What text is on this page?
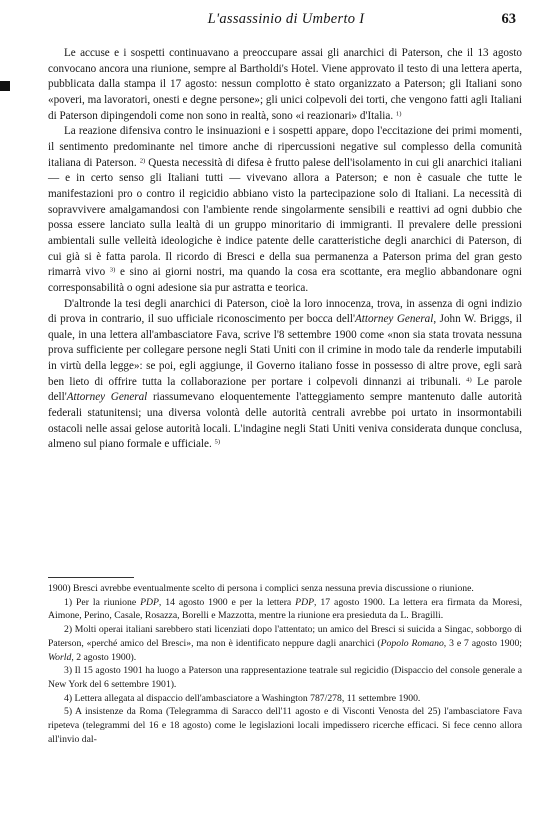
L'assassinio di Umberto I	63

Le accuse e i sospetti continuavano a preoccupare assai gli anarchici di Paterson, che il 13 agosto convocano ancora una riunione, sempre al Bartholdi's Hotel. Viene approvato il testo di una lettera aperta, pubblicata dalla stampa il 17 agosto: nessun complotto è stato organizzato a Paterson; gli Italiani sono «poveri, ma lavoratori, onesti e degne persone»; gli unici colpevoli dei torti, che vengono fatti agli Italiani di Paterson dipingendoli come non sono in realtà, sono «i reazionari» d'Italia. $^{1)}$

La reazione difensiva contro le insinuazioni e i sospetti appare, dopo l'eccitazione dei primi momenti, il sentimento predominante nel timore anche di ripercussioni negative sul complesso della comunità italiana di Paterson. $^{2)}$ Questa necessità di difesa è frutto palese dell'isolamento in cui gli anarchici italiani — e in certo senso gli Italiani tutti — vivevano allora a Paterson; e non è casuale che tutte le manifestazioni pro o contro il regicidio abbiano visto la partecipazione solo di Italiani. La necessità di sopravvivere amalgamandosi con l'ambiente rende singolarmente sensibili e reattivi ad ogni dubbio che possa essere lanciato sulla lealtà di un gruppo minoritario di immigranti. Il prevalere delle pressioni ambientali sulle velleità ideologiche è indice patente delle caratteristiche degli anarchici di Paterson, di cui già si è fatta parola. Il ricordo di Bresci e della sua permanenza a Paterson prima del gran gesto rimarrà vivo $^{3)}$ e sino ai giorni nostri, ma quando la cosa era scottante, era meglio abbandonare ogni corresponsabilità o ogni adesione sia pur astratta e teorica.

D'altronde la tesi degli anarchici di Paterson, cioè la loro innocenza, trova, in assenza di ogni indizio di prova in contrario, il suo ufficiale riconoscimento per bocca dell'Attorney General, John W. Briggs, il quale, in una lettera all'ambasciatore Fava, scrive l'8 settembre 1900 come «non sia stata trovata nessuna prova sufficiente per collegare persone negli Stati Uniti con il crimine in modo tale da renderle imputabili in virtù della legge»: se poi, egli aggiunge, il Governo italiano fosse in possesso di altre prove, egli sarà ben lieto di offrire tutta la collaborazione per portare i colpevoli dinnanzi ai tribunali. $^{4)}$ Le parole dell'Attorney General riassumevano eloquentemente l'atteggiamento sempre mantenuto dalle autorità federali statunitensi; una diversa volontà delle autorità centrali avrebbe poi urtato in insormontabili ostacoli nelle assai gelose autorità locali. L'indagine negli Stati Uniti veniva considerata dunque conclusa, almeno sul piano formale e ufficiale. $^{5)}$

1900) Bresci avrebbe eventualmente scelto di persona i complici senza nessuna previa discussione o riunione.

1) Per la riunione PDP, 14 agosto 1900 e per la lettera PDP, 17 agosto 1900. La lettera era firmata da Moresi, Aimone, Perino, Casale, Rosazza, Borelli e Mazzotta, mentre la riunione era presieduta da L. Bragilli.

2) Molti operai italiani sarebbero stati licenziati dopo l'attentato; un amico del Bresci si suicida a Singac, sobborgo di Paterson, «perché amico del Bresci», ma non è identificato neppure dagli anarchici (Popolo Romano, 3 e 7 agosto 1900; World, 2 agosto 1900).

3) Il 15 agosto 1901 ha luogo a Paterson una rappresentazione teatrale sul regicidio (Dispaccio del console generale a New York del 6 settembre 1901).

4) Lettera allegata al dispaccio dell'ambasciatore a Washington 787/278, 11 settembre 1900.

5) A insistenze da Roma (Telegramma di Saracco dell'11 agosto e di Visconti Venosta del 25) l'ambasciatore Fava ripeteva (telegrammi del 16 e 18 agosto) come le legislazioni locali impedissero ricerche efficaci. Si fece cenno allora all'invio dal-
